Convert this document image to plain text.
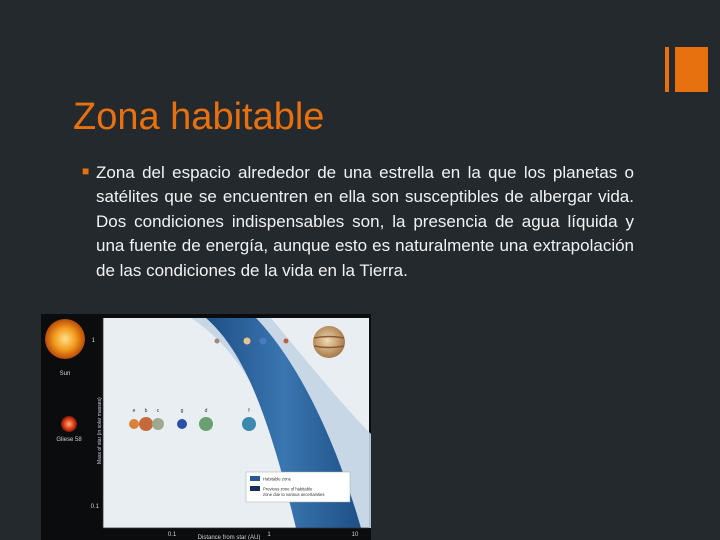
Zona habitable
■ Zona del espacio alrededor de una estrella en la que los planetas o satélites que se encuentren en ella son susceptibles de albergar vida. Dos condiciones indispensables son, la presencia de agua líquida y una fuente de energía, aunque esto es naturalmente una extrapolación de las condiciones de la vida en la Tierra.

Sun
Gliese 58
1
0.1
Mass of star (in solar masses)
0.1	1	10
Distance from star (AU)
e b c	g	d	f
Habitable zone
Previous zone of habitable
zone due to various uncertainties
